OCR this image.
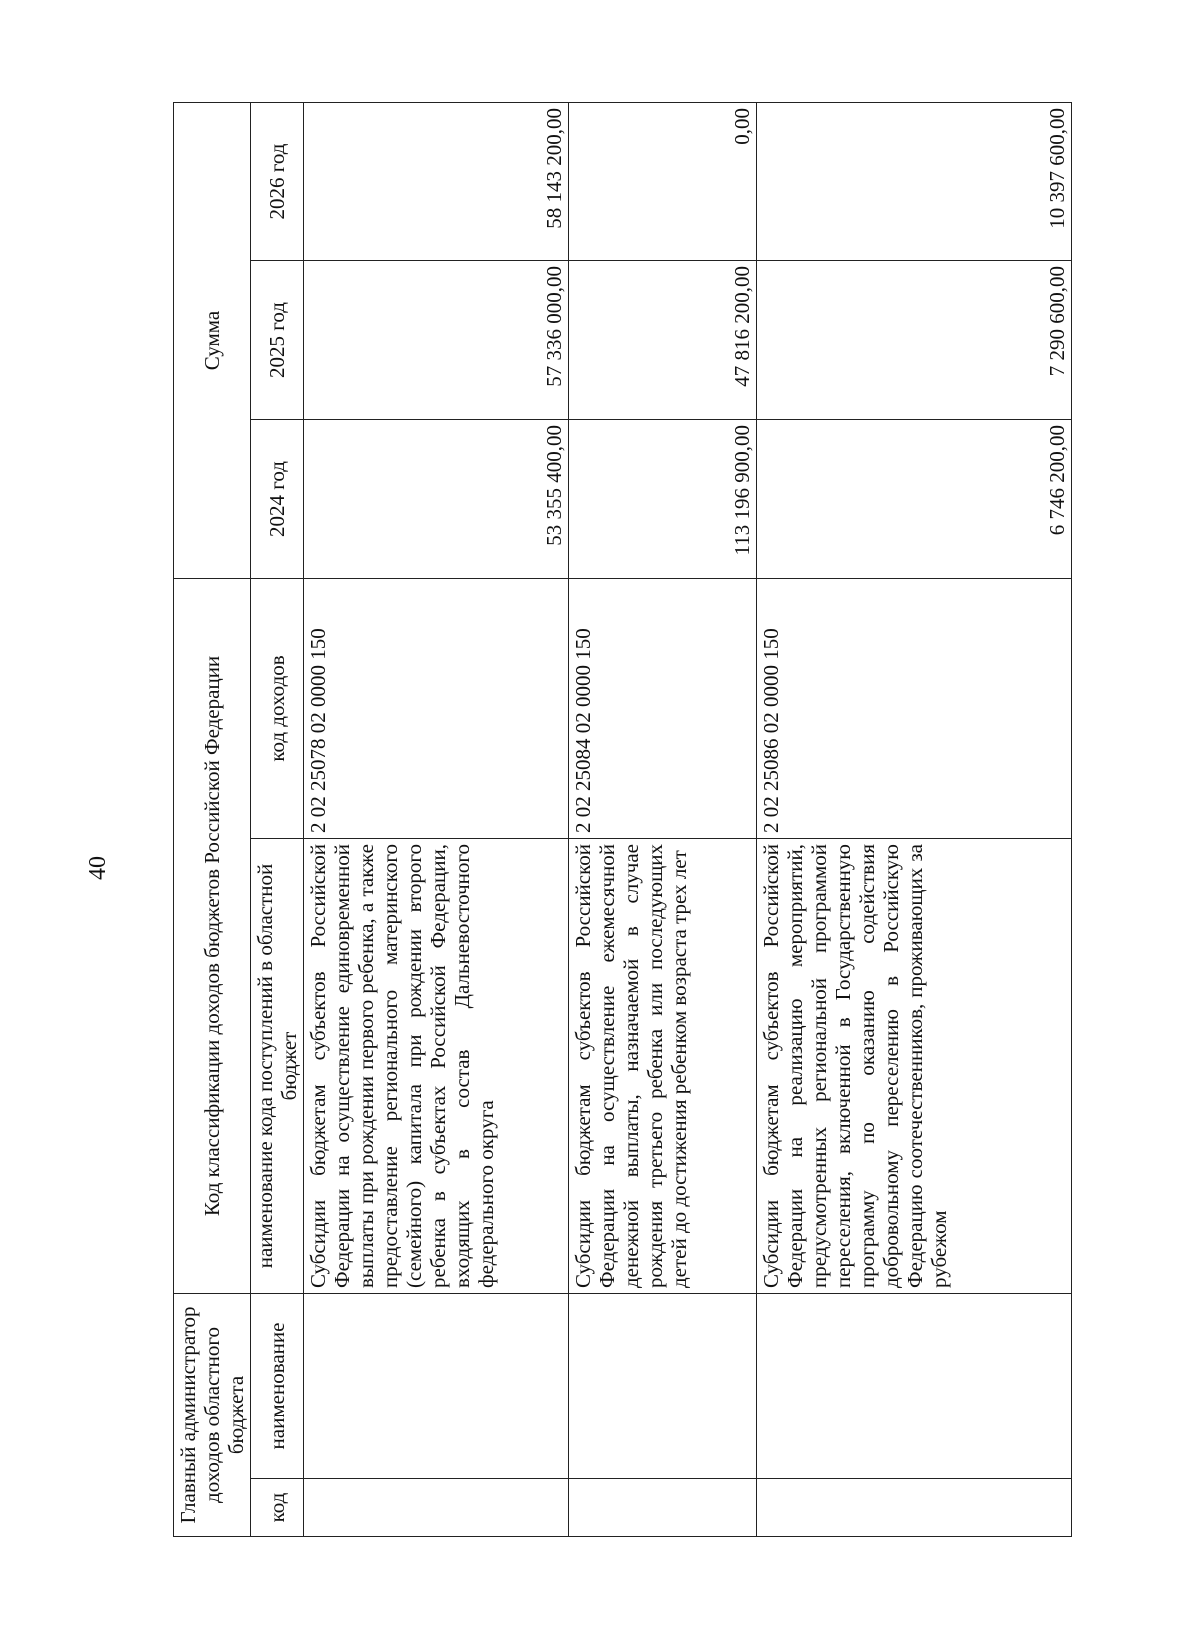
40
Главный администратор доходов областного бюджета		Код классификации доходов бюджетов Российской Федерации		Сумма		
код	наименование	наименование кода поступлений в областной бюджет	код доходов	2024 год	2025 год	2026 год
		Субсидии бюджетам субъектов Российской Федерации на осуществление единовременной выплаты при рождении первого ребенка, а также предоставление регионального материнского (семейного) капитала при рождении второго ребенка в субъектах Российской Федерации, входящих в состав Дальневосточного федерального округа	2 02 25078 02 0000 150	53 355 400,00	57 336 000,00	58 143 200,00
		Субсидии бюджетам субъектов Российской Федерации на осуществление ежемесячной денежной выплаты, назначаемой в случае рождения третьего ребенка или последующих детей до достижения ребенком возраста трех лет	2 02 25084 02 0000 150	113 196 900,00	47 816 200,00	0,00
		Субсидии бюджетам субъектов Российской Федерации на реализацию мероприятий, предусмотренных региональной программой переселения, включенной в Государственную программу по оказанию содействия добровольному переселению в Российскую Федерацию соотечественников, проживающих за рубежом	2 02 25086 02 0000 150	6 746 200,00	7 290 600,00	10 397 600,00
